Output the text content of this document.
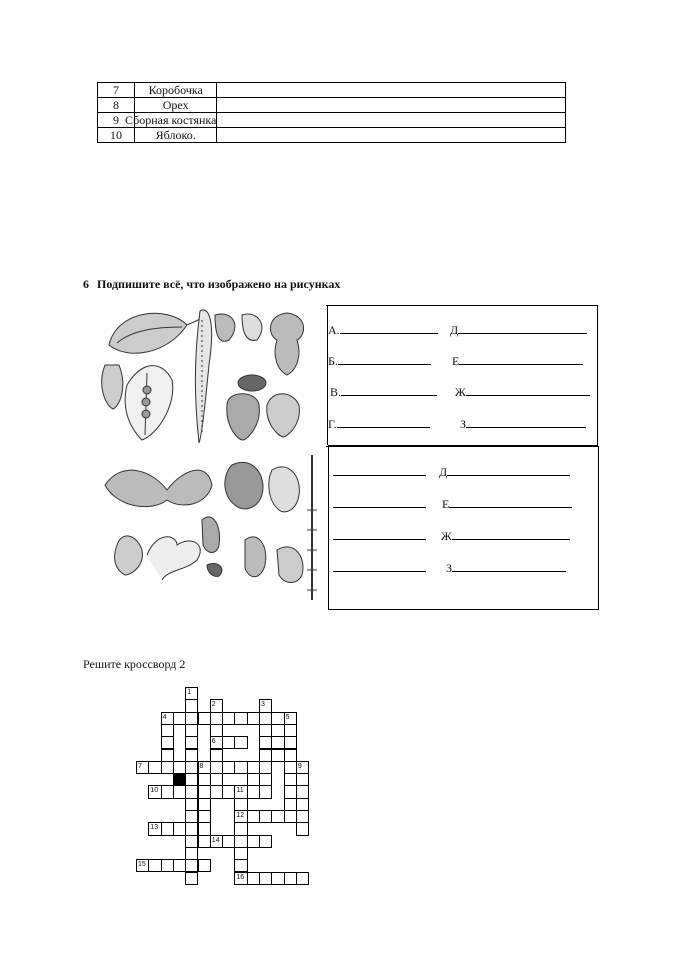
7	Коробочка	
8	Орех	
9	Сборная костянка	
10	Яблоко.	
6 Подпишите всё, что изображено на рисунках
А.	Д
Б.	Е
В.	Ж
Г.	З
Д
Е
Ж
З
Решите кроссворд 2
1
2	3
4	5
6
7	8	9
10	11
12
13
14
15
16
